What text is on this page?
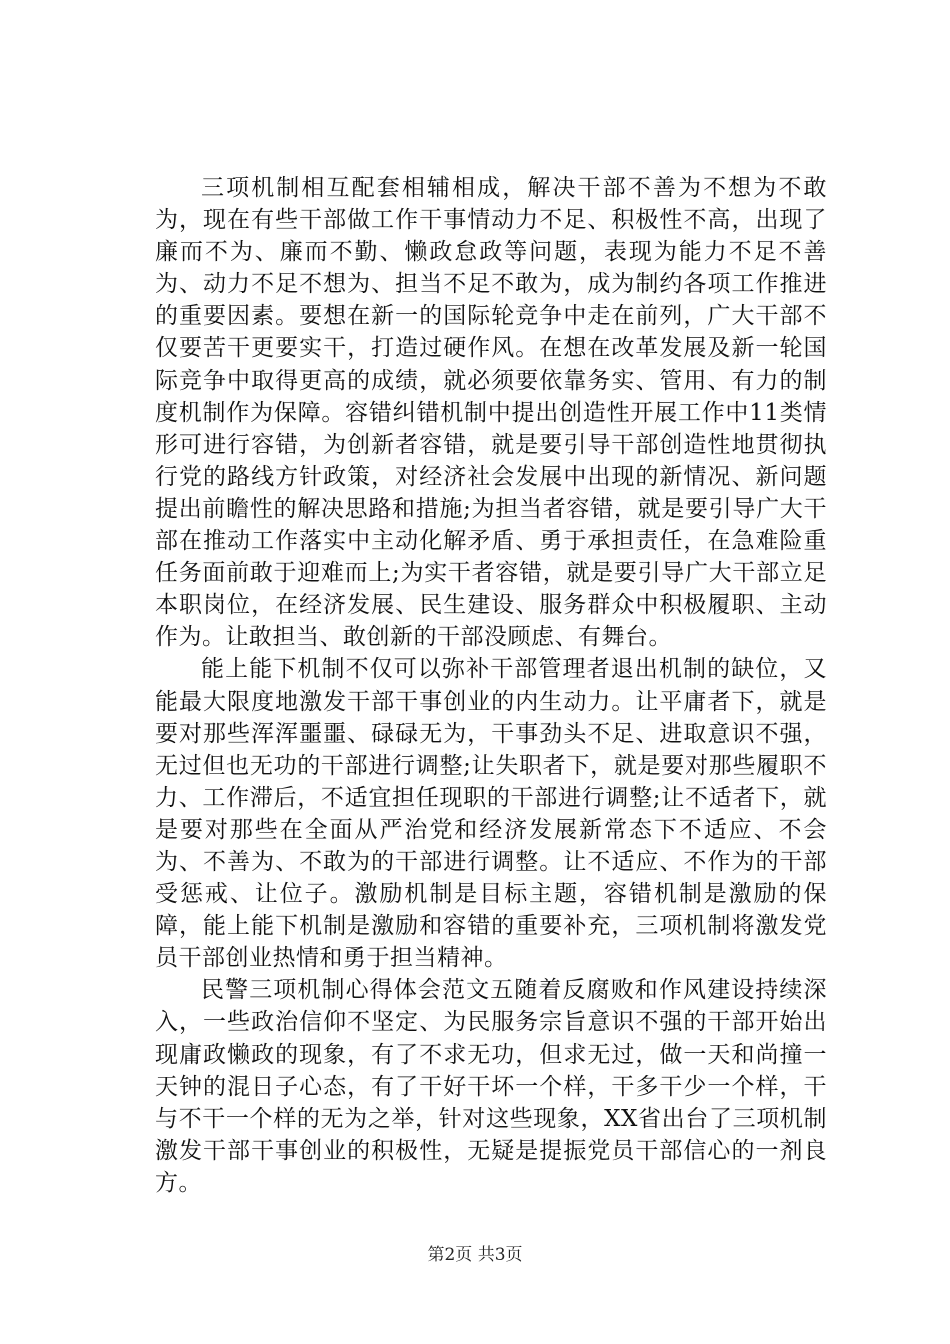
三项机制相互配套相辅相成，解决干部不善为不想为不敢为，现在有些干部做工作干事情动力不足、积极性不高，出现了廉而不为、廉而不勤、懒政怠政等问题，表现为能力不足不善为、动力不足不想为、担当不足不敢为，成为制约各项工作推进的重要因素。要想在新一的国际轮竞争中走在前列，广大干部不仅要苦干更要实干，打造过硬作风。在想在改革发展及新一轮国际竞争中取得更高的成绩，就必须要依靠务实、管用、有力的制度机制作为保障。容错纠错机制中提出创造性开展工作中11类情形可进行容错，为创新者容错，就是要引导干部创造性地贯彻执行党的路线方针政策，对经济社会发展中出现的新情况、新问题提出前瞻性的解决思路和措施;为担当者容错，就是要引导广大干部在推动工作落实中主动化解矛盾、勇于承担责任，在急难险重任务面前敢于迎难而上;为实干者容错，就是要引导广大干部立足本职岗位，在经济发展、民生建设、服务群众中积极履职、主动作为。让敢担当、敢创新的干部没顾虑、有舞台。

能上能下机制不仅可以弥补干部管理者退出机制的缺位，又能最大限度地激发干部干事创业的内生动力。让平庸者下，就是要对那些浑浑噩噩、碌碌无为，干事劲头不足、进取意识不强，无过但也无功的干部进行调整;让失职者下，就是要对那些履职不力、工作滞后，不适宜担任现职的干部进行调整;让不适者下，就是要对那些在全面从严治党和经济发展新常态下不适应、不会为、不善为、不敢为的干部进行调整。让不适应、不作为的干部受惩戒、让位子。激励机制是目标主题，容错机制是激励的保障，能上能下机制是激励和容错的重要补充，三项机制将激发党员干部创业热情和勇于担当精神。

民警三项机制心得体会范文五随着反腐败和作风建设持续深入，一些政治信仰不坚定、为民服务宗旨意识不强的干部开始出现庸政懒政的现象，有了不求无功，但求无过，做一天和尚撞一天钟的混日子心态，有了干好干坏一个样，干多干少一个样，干与不干一个样的无为之举，针对这些现象，XX省出台了三项机制激发干部干事创业的积极性，无疑是提振党员干部信心的一剂良方。

第2页 共3页
